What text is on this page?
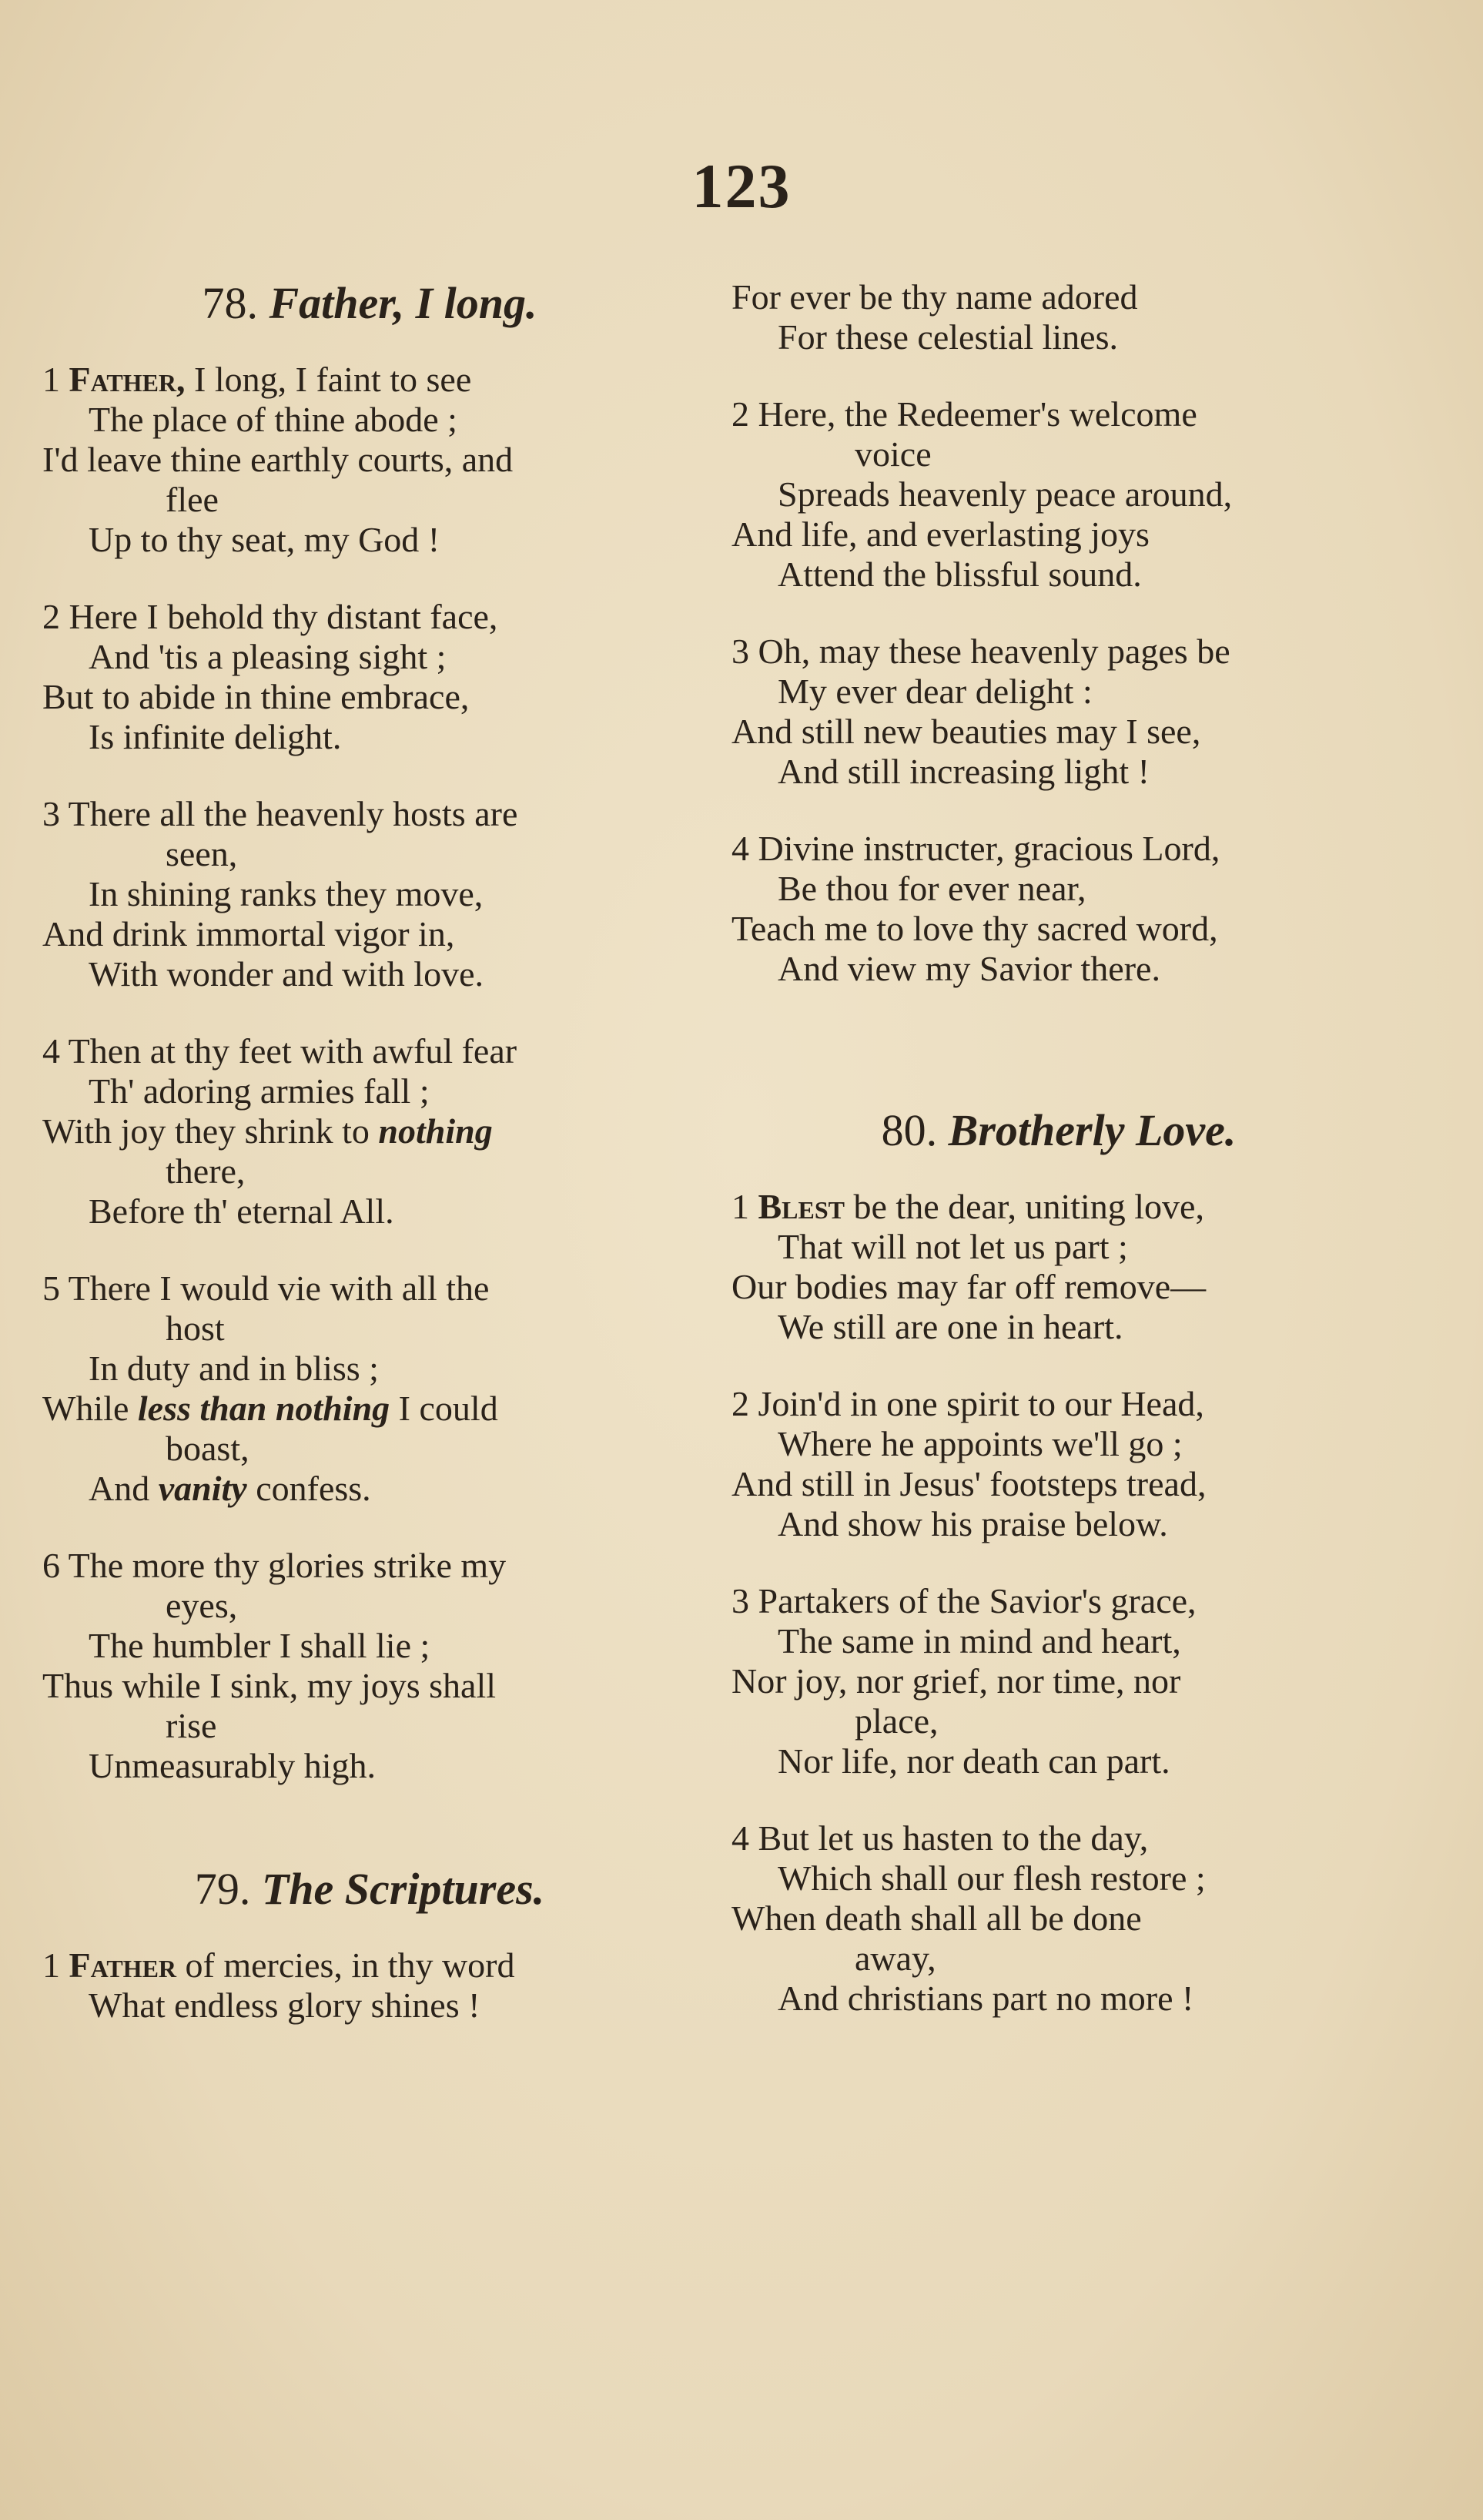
123
78. Father, I long.
1 Father, I long, I faint to see
The place of thine abode ;
I'd leave thine earthly courts, and
flee
Up to thy seat, my God !
2 Here I behold thy distant face,
And 'tis a pleasing sight ;
But to abide in thine embrace,
Is infinite delight.
3 There all the heavenly hosts are
seen,
In shining ranks they move,
And drink immortal vigor in,
With wonder and with love.
4 Then at thy feet with awful fear
Th' adoring armies fall ;
With joy they shrink to nothing
there,
Before th' eternal All.
5 There I would vie with all the
host
In duty and in bliss ;
While less than nothing I could
boast,
And vanity confess.
6 The more thy glories strike my
eyes,
The humbler I shall lie ;
Thus while I sink, my joys shall
rise
Unmeasurably high.
79. The Scriptures.
1 Father of mercies, in thy word
What endless glory shines !
For ever be thy name adored
For these celestial lines.
2 Here, the Redeemer's welcome
voice
Spreads heavenly peace around,
And life, and everlasting joys
Attend the blissful sound.
3 Oh, may these heavenly pages be
My ever dear delight :
And still new beauties may I see,
And still increasing light !
4 Divine instructer, gracious Lord,
Be thou for ever near,
Teach me to love thy sacred word,
And view my Savior there.
80. Brotherly Love.
1 Blest be the dear, uniting love,
That will not let us part ;
Our bodies may far off remove—
We still are one in heart.
2 Join'd in one spirit to our Head,
Where he appoints we'll go ;
And still in Jesus' footsteps tread,
And show his praise below.
3 Partakers of the Savior's grace,
The same in mind and heart,
Nor joy, nor grief, nor time, nor
place,
Nor life, nor death can part.
4 But let us hasten to the day,
Which shall our flesh restore ;
When death shall all be done
away,
And christians part no more !
